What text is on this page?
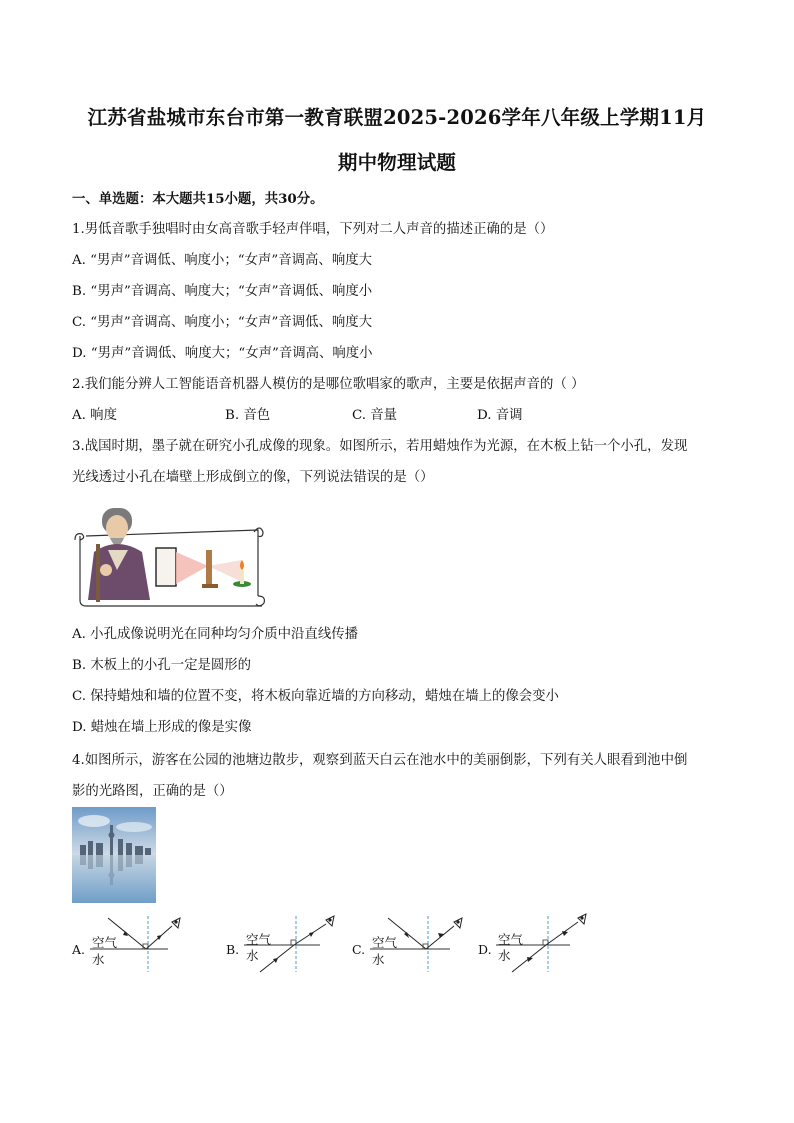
江苏省盐城市东台市第一教育联盟2025-2026学年八年级上学期11月
期中物理试题
一、单选题：本大题共15小题，共30分。
1.男低音歌手独唱时由女高音歌手轻声伴唱，下列对二人声音的描述正确的是（）
A. “男声”音调低、响度小；“女声”音调高、响度大
B. “男声”音调高、响度大；“女声”音调低、响度小
C. “男声”音调高、响度小；“女声”音调低、响度大
D. “男声”音调低、响度大；“女声”音调高、响度小
2.我们能分辨人工智能语音机器人模仿的是哪位歌唱家的歌声，主要是依据声音的（ ）
A. 响度	B. 音色	C. 音量	D. 音调
3.战国时期，墨子就在研究小孔成像的现象。如图所示，若用蜡烛作为光源，在木板上钻一个小孔，发现
光线透过小孔在墙壁上形成倒立的像，下列说法错误的是（）
A. 小孔成像说明光在同种均匀介质中沿直线传播
B. 木板上的小孔一定是圆形的
C. 保持蜡烛和墙的位置不变，将木板向靠近墙的方向移动，蜡烛在墙上的像会变小
D. 蜡烛在墙上形成的像是实像
4.如图所示，游客在公园的池塘边散步，观察到蓝天白云在池水中的美丽倒影，下列有关人眼看到池中倒
影的光路图，正确的是（）
A. 空气
水
B.
空气
水	C. 空气
水
D.
空气
水
